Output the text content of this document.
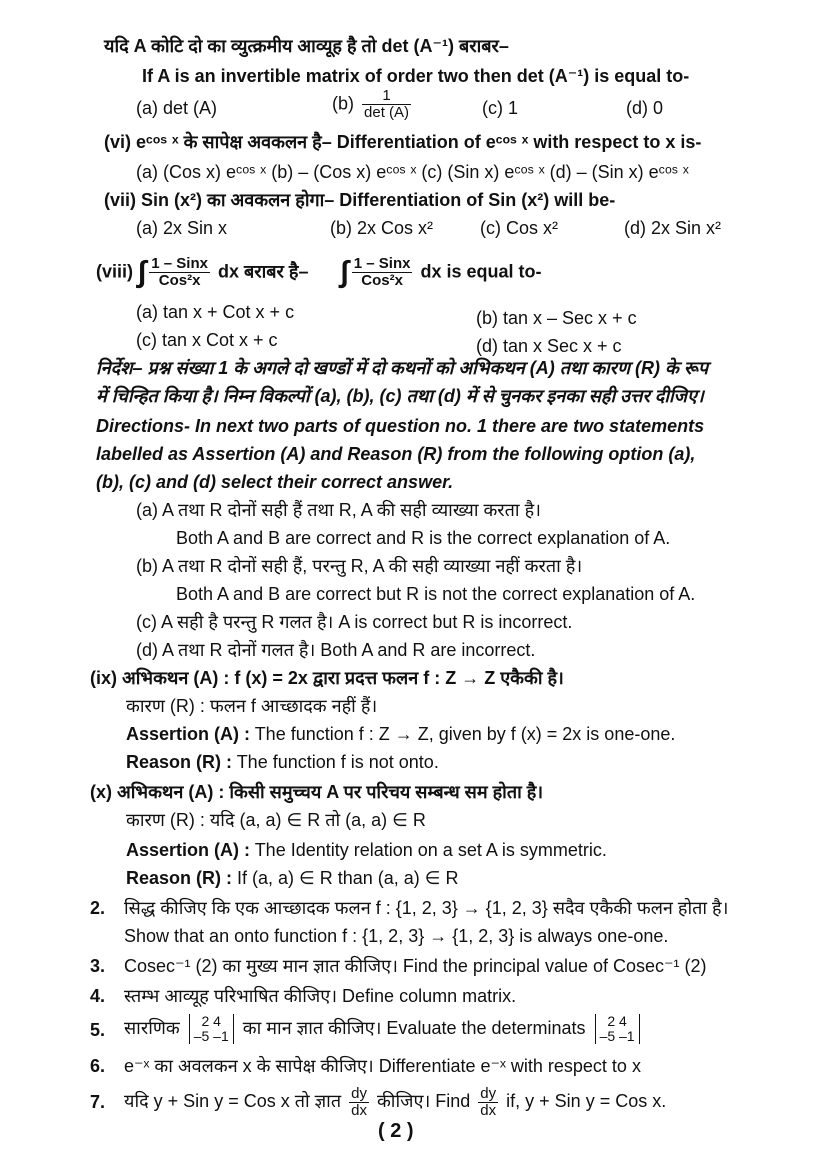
यदि A कोटि दो का व्युत्क्रमीय आव्यूह है तो det (A⁻¹) बराबर–
If A is an invertible matrix of order two then det (A⁻¹) is equal to-
(a) det (A)	$(b) \frac{1}{\det (A)}$	(c) 1	(d) 0
(vi) eᶜᵒˢ ˣ के सापेक्ष अवकलन है– Differentiation of eᶜᵒˢ ˣ with respect to x is-
(a) (Cos x) eᶜᵒˢ ˣ (b) – (Cos x) eᶜᵒˢ ˣ (c) (Sin x) eᶜᵒˢ ˣ (d) – (Sin x) eᶜᵒˢ ˣ
(vii) Sin (x²) का अवकलन होगा– Differentiation of Sin (x²) will be-
(a) 2x Sin x	(b) 2x Cos x²	(c) Cos x²	(d) 2x Sin x²
(viii) ∫ $\frac{\text{1 – Sinx}}{\text{Cos²x}}$ dx बराबर है– ∫ $\frac{\text{1 – Sinx}}{\text{Cos²x}}$ dx is equal to-
(a) tan x + Cot x + c	(b) tan x – Sec x + c
(c) tan x Cot x + c	(d) tan x Sec x + c
निर्देश– प्रश्न संख्या 1 के अगले दो खण्डों में दो कथनों को अभिकथन (A) तथा कारण (R) के रूप
में चिन्हित किया है। निम्न विकल्पों (a), (b), (c) तथा (d) में से चुनकर इनका सही उत्तर दीजिए।
Directions- In next two parts of question no. 1 there are two statements
labelled as Assertion (A) and Reason (R) from the following option (a),
(b), (c) and (d) select their correct answer.
(a) A तथा R दोनों सही हैं तथा R, A की सही व्याख्या करता है।
Both A and B are correct and R is the correct explanation of A.
(b) A तथा R दोनों सही हैं, परन्तु R, A की सही व्याख्या नहीं करता है।
Both A and B are correct but R is not the correct explanation of A.
(c) A सही है परन्तु R गलत है। A is correct but R is incorrect.
(d) A तथा R दोनों गलत है। Both A and R are incorrect.
(ix) अभिकथन (A) : f (x) = 2x द्वारा प्रदत्त फलन f : Z → Z एकैकी है।
कारण (R) : फलन f आच्छादक नहीं हैं।
Assertion (A) : The function f : Z → Z, given by f (x) = 2x is one-one.
Reason (R) : The function f is not onto.
(x) अभिकथन (A) : किसी समुच्चय A पर परिचय सम्बन्ध सम होता है।
कारण (R) : यदि (a, a) ∈ R तो (a, a) ∈ R
Assertion (A) : The Identity relation on a set A is symmetric.
Reason (R) : If (a, a) ∈ R than (a, a) ∈ R
2. सिद्ध कीजिए कि एक आच्छादक फलन f : {1, 2, 3} → {1, 2, 3} सदैव एकैकी फलन होता है।
Show that an onto function f : {1, 2, 3} → {1, 2, 3} is always one-one.
3. Cosec⁻¹ (2) का मुख्य मान ज्ञात कीजिए। Find the principal value of Cosec⁻¹ (2)
4. स्तम्भ आव्यूह परिभाषित कीजिए। Define column matrix.
5. सारणिक	2 4
–5 –1 का मान ज्ञात कीजिए। Evaluate the determinats	2 4
–5 –1
6. e⁻ˣ का अवलकन x के सापेक्ष कीजिए। Differentiate e⁻ˣ with respect to x
7. यदि y + Sin y = Cos x तो ज्ञात $\frac{dy}{dx}$ कीजिए। Find $\frac{dy}{dx}$ if, y + Sin y = Cos x.
( 2 )
